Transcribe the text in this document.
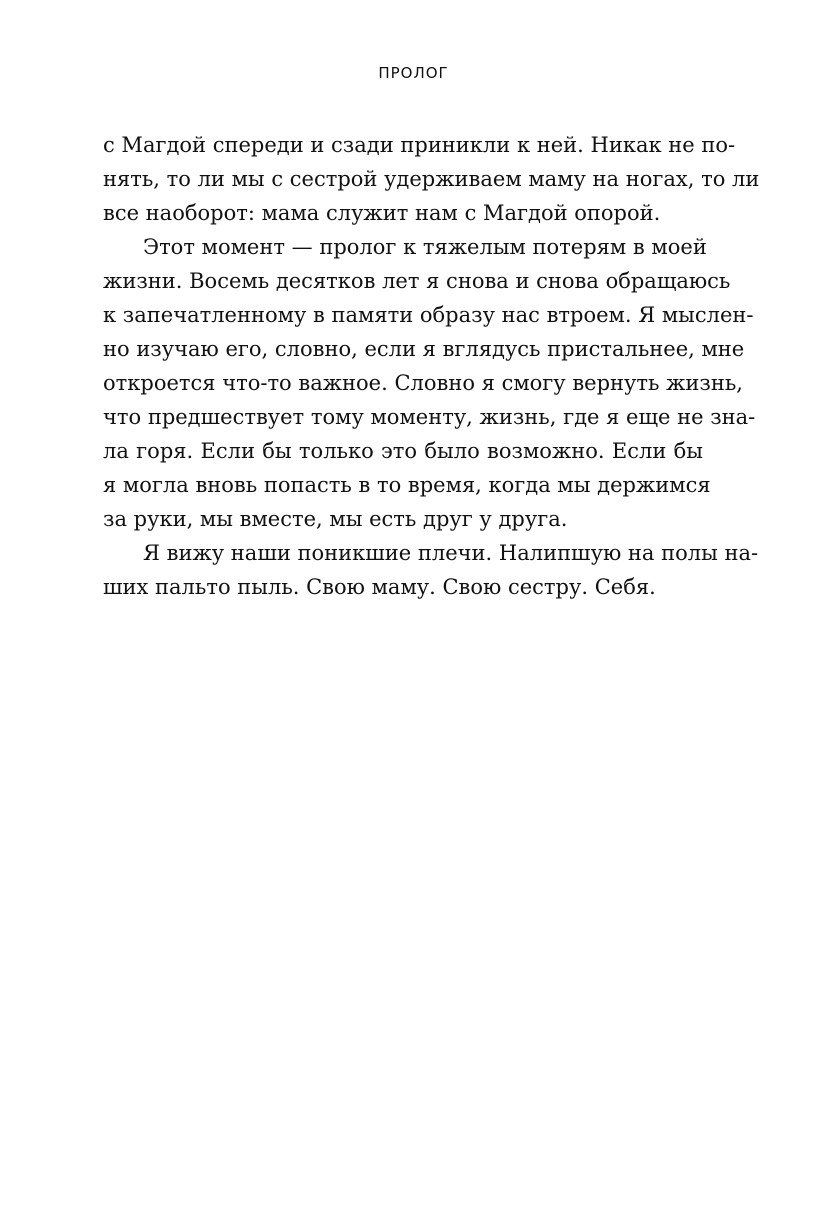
ПРОЛОГ
с Магдой спереди и сзади приникли к ней. Никак не по-
нять, то ли мы с сестрой удерживаем маму на ногах, то ли
все наоборот: мама служит нам с Магдой опорой.
Этот момент — пролог к тяжелым потерям в моей
жизни. Восемь десятков лет я снова и снова обращаюсь
к запечатленному в памяти образу нас втроем. Я мыслен-
но изучаю его, словно, если я вглядусь пристальнее, мне
откроется что-то важное. Словно я смогу вернуть жизнь,
что предшествует тому моменту, жизнь, где я еще не зна-
ла горя. Если бы только это было возможно. Если бы
я могла вновь попасть в то время, когда мы держимся
за руки, мы вместе, мы есть друг у друга.
Я вижу наши поникшие плечи. Налипшую на полы на-
ших пальто пыль. Свою маму. Свою сестру. Себя.
